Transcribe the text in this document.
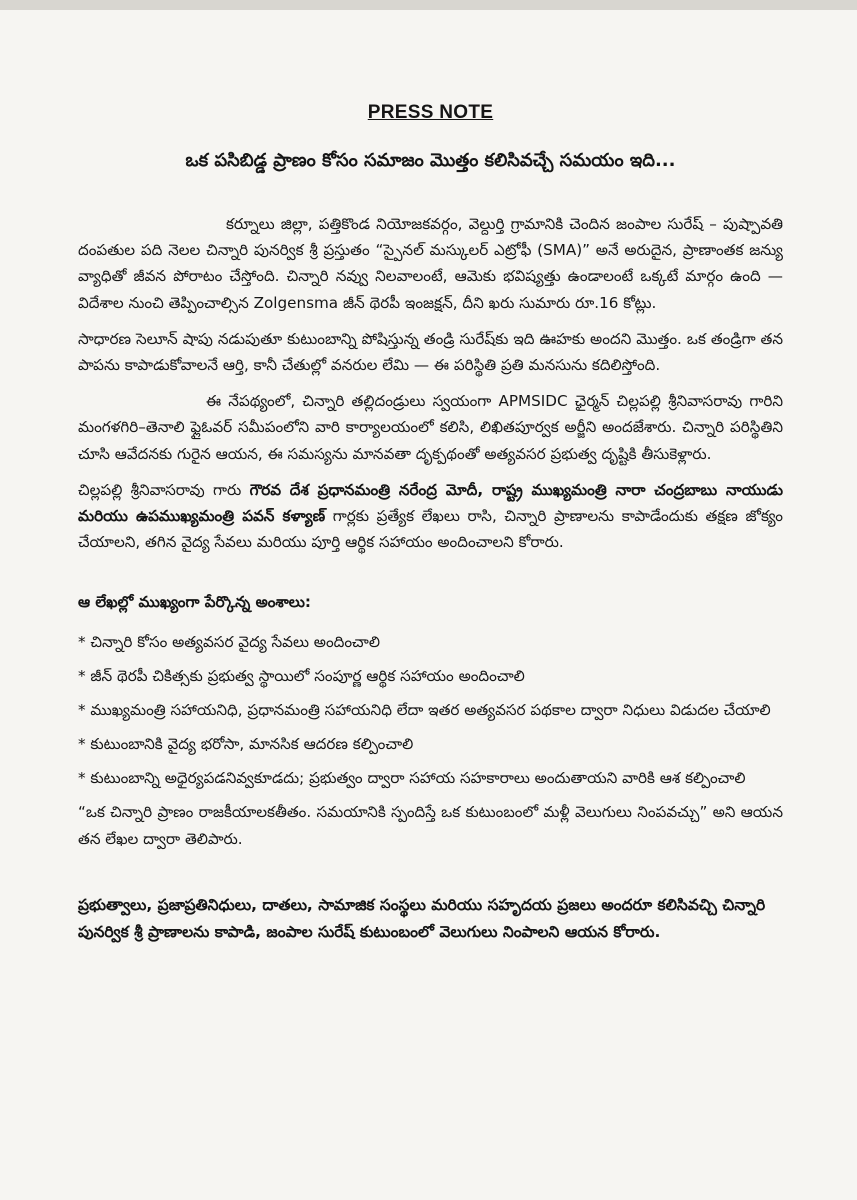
PRESS NOTE
ఒక పసిబిడ్డ ప్రాణం కోసం సమాజం మొత్తం కలిసివచ్చే సమయం ఇది...

కర్నూలు జిల్లా, పత్తికొండ నియోజకవర్గం, వెల్దుర్తి గ్రామానికి చెందిన జంపాల సురేష్ – పుష్పావతి దంపతుల పది నెలల చిన్నారి పునర్విక శ్రీ ప్రస్తుతం “స్పైనల్ మస్కులర్ ఎట్రోఫీ (SMA)” అనే అరుదైన, ప్రాణాంతక జన్యు వ్యాధితో జీవన పోరాటం చేస్తోంది. చిన్నారి నవ్వు నిలవాలంటే, ఆమెకు భవిష్యత్తు ఉండాలంటే ఒక్కటే మార్గం ఉంది — విదేశాల నుంచి తెప్పించాల్సిన Zolgensma జీన్ థెరపీ ఇంజక్షన్, దీని ఖరు సుమారు రూ.16 కోట్లు.

సాధారణ సెలూన్ షాపు నడుపుతూ కుటుంబాన్ని పోషిస్తున్న తండ్రి సురేష్‌కు ఇది ఊహకు అందని మొత్తం. ఒక తండ్రిగా తన పాపను కాపాడుకోవాలనే ఆర్తి, కానీ చేతుల్లో వనరుల లేమి — ఈ పరిస్థితి ప్రతి మనసును కదిలిస్తోంది.

ఈ నేపథ్యంలో, చిన్నారి తల్లిదండ్రులు స్వయంగా APMSIDC ఛైర్మన్ చిల్లపల్లి శ్రీనివాసరావు గారిని మంగళగిరి–తెనాలి ఫ్లైఓవర్ సమీపంలోని వారి కార్యాలయంలో కలిసి, లిఖితపూర్వక అర్జీని అందజేశారు. చిన్నారి పరిస్థితిని చూసి ఆవేదనకు గురైన ఆయన, ఈ సమస్యను మానవతా దృక్పథంతో అత్యవసర ప్రభుత్వ దృష్టికి తీసుకెళ్లారు.

చిల్లపల్లి శ్రీనివాసరావు గారు గౌరవ దేశ ప్రధానమంత్రి నరేంద్ర మోదీ, రాష్ట్ర ముఖ్యమంత్రి నారా చంద్రబాబు నాయుడు మరియు ఉపముఖ్యమంత్రి పవన్ కళ్యాణ్ గార్లకు ప్రత్యేక లేఖలు రాసి, చిన్నారి ప్రాణాలను కాపాడేందుకు తక్షణ జోక్యం చేయాలని, తగిన వైద్య సేవలు మరియు పూర్తి ఆర్థిక సహాయం అందించాలని కోరారు.

ఆ లేఖల్లో ముఖ్యంగా పేర్కొన్న అంశాలు:
* చిన్నారి కోసం అత్యవసర వైద్య సేవలు అందించాలి
* జీన్ థెరపీ చికిత్సకు ప్రభుత్వ స్థాయిలో సంపూర్ణ ఆర్థిక సహాయం అందించాలి
* ముఖ్యమంత్రి సహాయనిధి, ప్రధానమంత్రి సహాయనిధి లేదా ఇతర అత్యవసర పథకాల ద్వారా నిధులు విడుదల చేయాలి
* కుటుంబానికి వైద్య భరోసా, మానసిక ఆదరణ కల్పించాలి
* కుటుంబాన్ని అధైర్యపడనివ్వకూడదు; ప్రభుత్వం ద్వారా సహాయ సహకారాలు అందుతాయని వారికి ఆశ కల్పించాలి

“ఒక చిన్నారి ప్రాణం రాజకీయాలకతీతం. సమయానికి స్పందిస్తే ఒక కుటుంబంలో మళ్లీ వెలుగులు నింపవచ్చు” అని ఆయన తన లేఖల ద్వారా తెలిపారు.

ప్రభుత్వాలు, ప్రజాప్రతినిధులు, దాతలు, సామాజిక సంస్థలు మరియు సహృదయ ప్రజలు అందరూ కలిసివచ్చి చిన్నారి పునర్విక శ్రీ ప్రాణాలను కాపాడి, జంపాల సురేష్ కుటుంబంలో వెలుగులు నింపాలని ఆయన కోరారు.
